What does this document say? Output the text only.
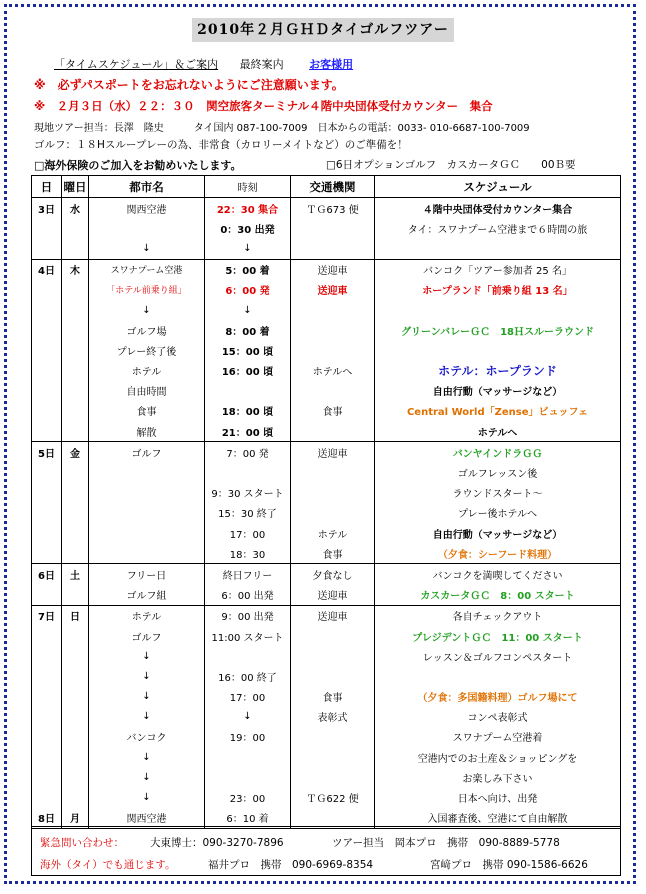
2010年２月ＧＨＤタイゴルフツアー
「タイムスケジュール」＆ご案内 最終案内 お客様用
※　必ずパスポートをお忘れないようにご注意願います。
※　２月３日（水）２２：３０　関空旅客ターミナル４階中央団体受付カウンター　集合
現地ツアー担当：長澤　隆史　　　タイ国内 087-100-7009　日本からの電話：0033- 010-6687-100-7009
ゴルフ：１８Hスループレーの為、非常食（カロリーメイトなど）のご準備を！
□海外保険のご加入をお勧めいたします。	□6日オプションゴルフ　カスカータＧＣ　　00Ｂ要
日	曜日	都市名	時刻	交通機関	スケジュール
3日	水	関西空港	22：30 集合	ＴＧ673 便	４階中央団体受付カウンター集合
			0：30 出発		タイ：スワナプーム空港まで６時間の旅
		↓	↓		
4日	木	スワナプーム空港	5：00 着	送迎車	バンコク「ツアー参加者 25 名」
		「ホテル前乗り組」	6：00 発	送迎車	ホープランド「前乗り組 13 名」
		↓	↓		
		ゴルフ場	8：00 着		グリーンバレーＧＣ　18Ｈスルーラウンド
		プレー終了後	15：00 頃		
		ホテル	16：00 頃	ホテルへ	ホテル：ホープランド
		自由時間			自由行動（マッサージなど）
		食事	18：00 頃	食事	Central World「Zense」ビュッフェ
		解散	21：00 頃		ホテルへ
5日	金	ゴルフ	7：00 発	送迎車	バンヤインドラＧＧ
					ゴルフレッスン後
			9：30 スタート		ラウンドスタート～
			15：30 終了		プレー後ホテルへ
			17：00	ホテル	自由行動（マッサージなど）
			18：30	食事	（夕食：シーフード料理）
6日	土	フリー日	終日フリー	夕食なし	バンコクを満喫してください
		ゴルフ組	6：00 出発	送迎車	カスカータＧＣ　8：00 スタート
7日	日	ホテル	9：00 出発	送迎車	各自チェックアウト
		ゴルフ	11:00 スタート		プレジデントＧＣ　11：00 スタート
		↓			レッスン＆ゴルフコンペスタート
		↓	16：00 終了		
		↓	17：00	食事	（夕食：多国籍料理）ゴルフ場にて
		↓	↓	表彰式	コンペ表彰式
		バンコク	19：00		スワナプーム空港着
		↓			空港内でのお土産＆ショッピングを
		↓			お楽しみ下さい
		↓	23：00	ＴＧ622 便	日本へ向け、出発
8日	月	関西空港	6：10 着		入国審査後、空港にて自由解散
緊急問い合わせ： 大東博士：090-3270-7896	ツアー担当　岡本プロ　携帯　090-8889-5778
海外（タイ）でも通じます。	福井プロ　携帯　090-6969-8354	宮﨑プロ　携帯 090-1586-6626
